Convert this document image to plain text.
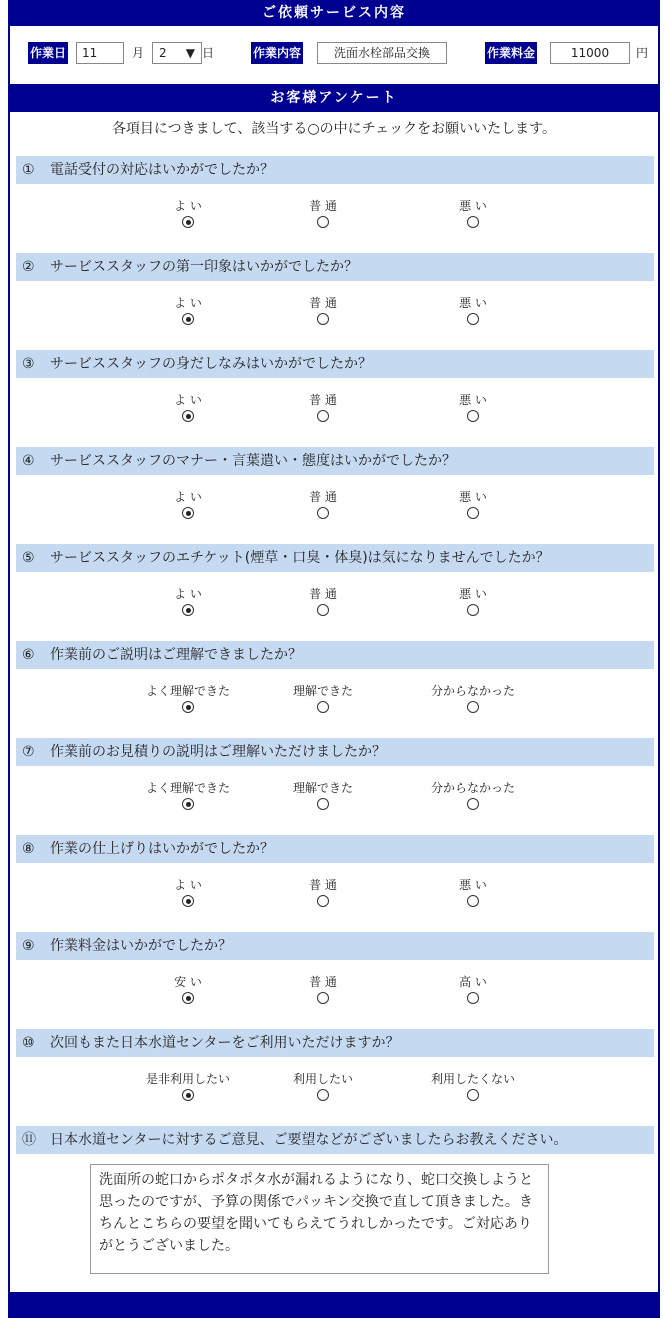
ご依頼サービス内容
作業日	11	月	2 ▼ 日	作業内容	洗面水栓部品交換	作業料金	11000	円
お客様アンケート
各項目につきまして、該当する○の中にチェックをお願いいたします。
① 電話受付の対応はいかがでしたか？
よ い	普 通	悪 い
② サービススタッフの第一印象はいかがでしたか？
よ い	普 通	悪 い
③ サービススタッフの身だしなみはいかがでしたか？
よ い	普 通	悪 い
④ サービススタッフのマナー・言葉遣い・態度はいかがでしたか？
よ い	普 通	悪 い
⑤ サービススタッフのエチケット(煙草・口臭・体臭)は気になりませんでしたか？
よ い	普 通	悪 い
⑥ 作業前のご説明はご理解できましたか？
よく理解できた	理解できた	分からなかった
⑦ 作業前のお見積りの説明はご理解いただけましたか？
よく理解できた	理解できた	分からなかった
⑧ 作業の仕上げりはいかがでしたか？
よ い	普 通	悪 い
⑨ 作業料金はいかがでしたか？
安 い	普 通	高 い
⑩ 次回もまた日本水道センターをご利用いただけますか？
是非利用したい	利用したい	利用したくない
⑪ 日本水道センターに対するご意見、ご要望などがございましたらお教えください。
洗面所の蛇口からポタポタ水が漏れるようになり、蛇口交換しようと思ったのですが、予算の関係でパッキン交換で直して頂きました。きちんとこちらの要望を聞いてもらえてうれしかったです。ご対応ありがとうございました。
